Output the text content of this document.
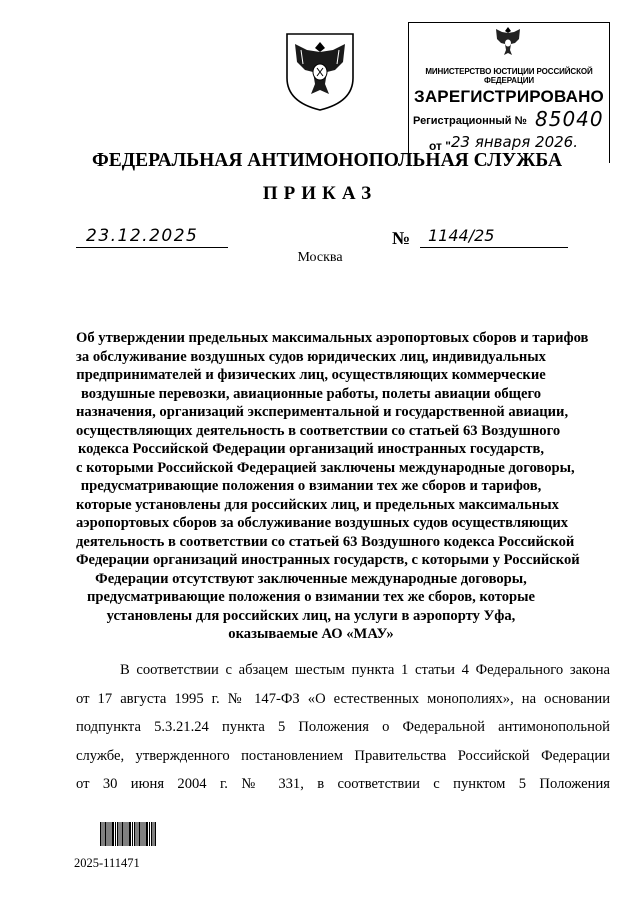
МИНИСТЕРСТВО ЮСТИЦИИ РОССИЙСКОЙ ФЕДЕРАЦИИ
ЗАРЕГИСТРИРОВАНО
Регистрационный № 85040
от " 23 января 2026.
ФЕДЕРАЛЬНАЯ АНТИМОНОПОЛЬНАЯ СЛУЖБА
ПРИКАЗ
23.12.2025	№ 1144/25
Москва
Об утверждении предельных максимальных аэропортовых сборов и тарифов
за обслуживание воздушных судов юридических лиц, индивидуальных
предпринимателей и физических лиц, осуществляющих коммерческие
воздушные перевозки, авиационные работы, полеты авиации общего
назначения, организаций экспериментальной и государственной авиации,
осуществляющих деятельность в соответствии со статьей 63 Воздушного
кодекса Российской Федерации организаций иностранных государств,
с которыми Российской Федерацией заключены международные договоры,
предусматривающие положения о взимании тех же сборов и тарифов,
которые установлены для российских лиц, и предельных максимальных
аэропортовых сборов за обслуживание воздушных судов осуществляющих
деятельность в соответствии со статьей 63 Воздушного кодекса Российской
Федерации организаций иностранных государств, с которыми у Российской
Федерации отсутствуют заключенные международные договоры,
предусматривающие положения о взимании тех же сборов, которые
установлены для российских лиц, на услуги в аэропорту Уфа,
оказываемые АО «МАУ»
В соответствии с абзацем шестым пункта 1 статьи 4 Федерального закона
от 17 августа 1995 г. № 147-ФЗ «О естественных монополиях», на основании
подпункта 5.3.21.24 пункта 5 Положения о Федеральной антимонопольной
службе, утвержденного постановлением Правительства Российской Федерации
от 30 июня 2004 г. № 331, в соответствии с пунктом 5 Положения
2025-111471
